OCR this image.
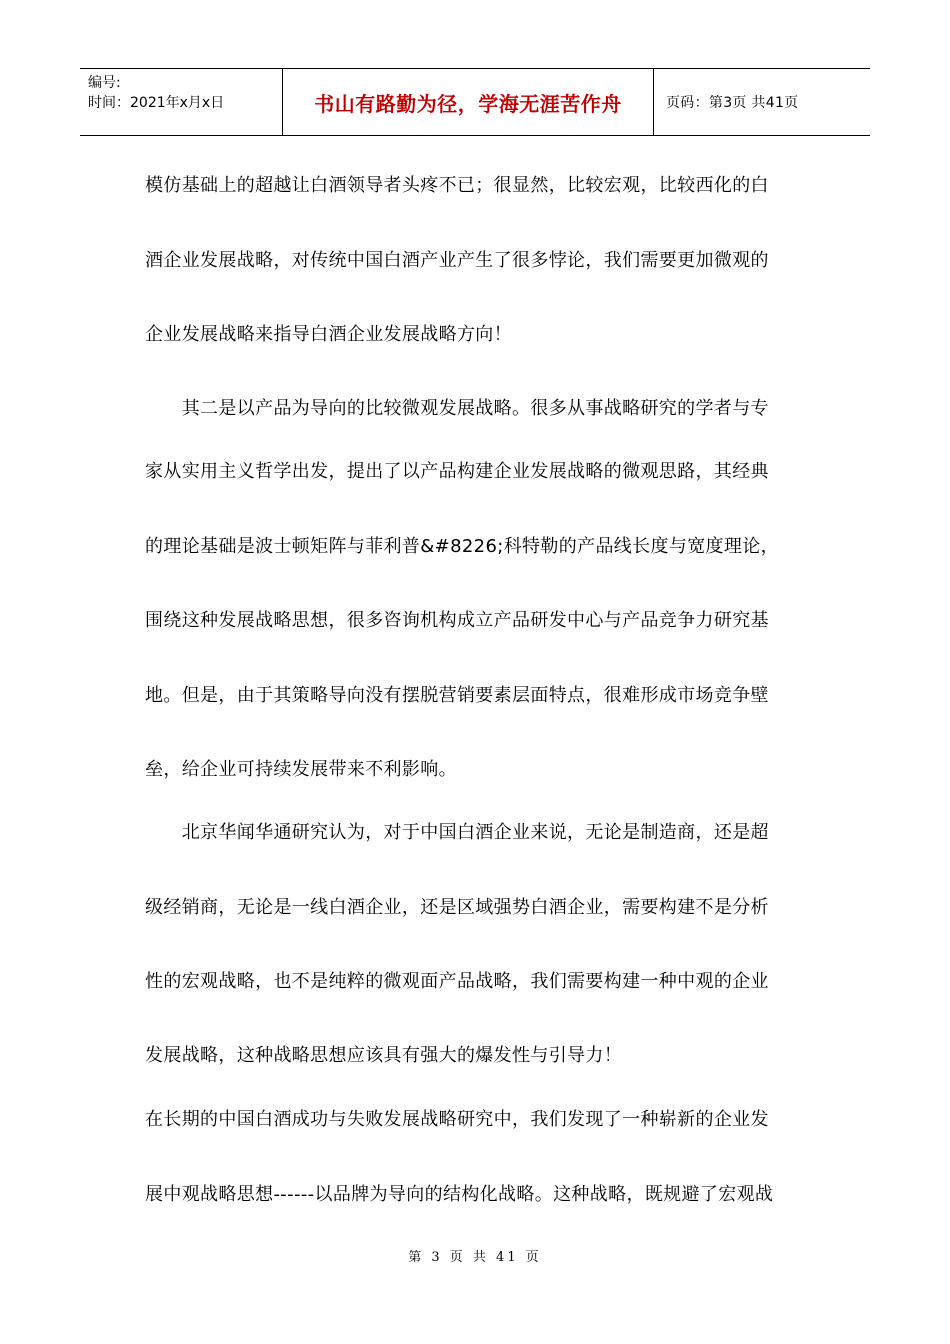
编号:
时间：2021年x月x日	书山有路勤为径，学海无涯苦作舟	页码：第3页 共41页
模仿基础上的超越让白酒领导者头疼不已；很显然，比较宏观，比较西化的白
酒企业发展战略，对传统中国白酒产业产生了很多悖论，我们需要更加微观的
企业发展战略来指导白酒企业发展战略方向！
　　其二是以产品为导向的比较微观发展战略。很多从事战略研究的学者与专
家从实用主义哲学出发，提出了以产品构建企业发展战略的微观思路，其经典
的理论基础是波士顿矩阵与菲利普&#8226;科特勒的产品线长度与宽度理论，
围绕这种发展战略思想，很多咨询机构成立产品研发中心与产品竞争力研究基
地。但是，由于其策略导向没有摆脱营销要素层面特点，很难形成市场竞争壁
垒，给企业可持续发展带来不利影响。
　　北京华闻华通研究认为，对于中国白酒企业来说，无论是制造商，还是超
级经销商，无论是一线白酒企业，还是区域强势白酒企业，需要构建不是分析
性的宏观战略，也不是纯粹的微观面产品战略，我们需要构建一种中观的企业
发展战略，这种战略思想应该具有强大的爆发性与引导力！
在长期的中国白酒成功与失败发展战略研究中，我们发现了一种崭新的企业发
展中观战略思想------以品牌为导向的结构化战略。这种战略，既规避了宏观战
第 3 页 共 41 页
